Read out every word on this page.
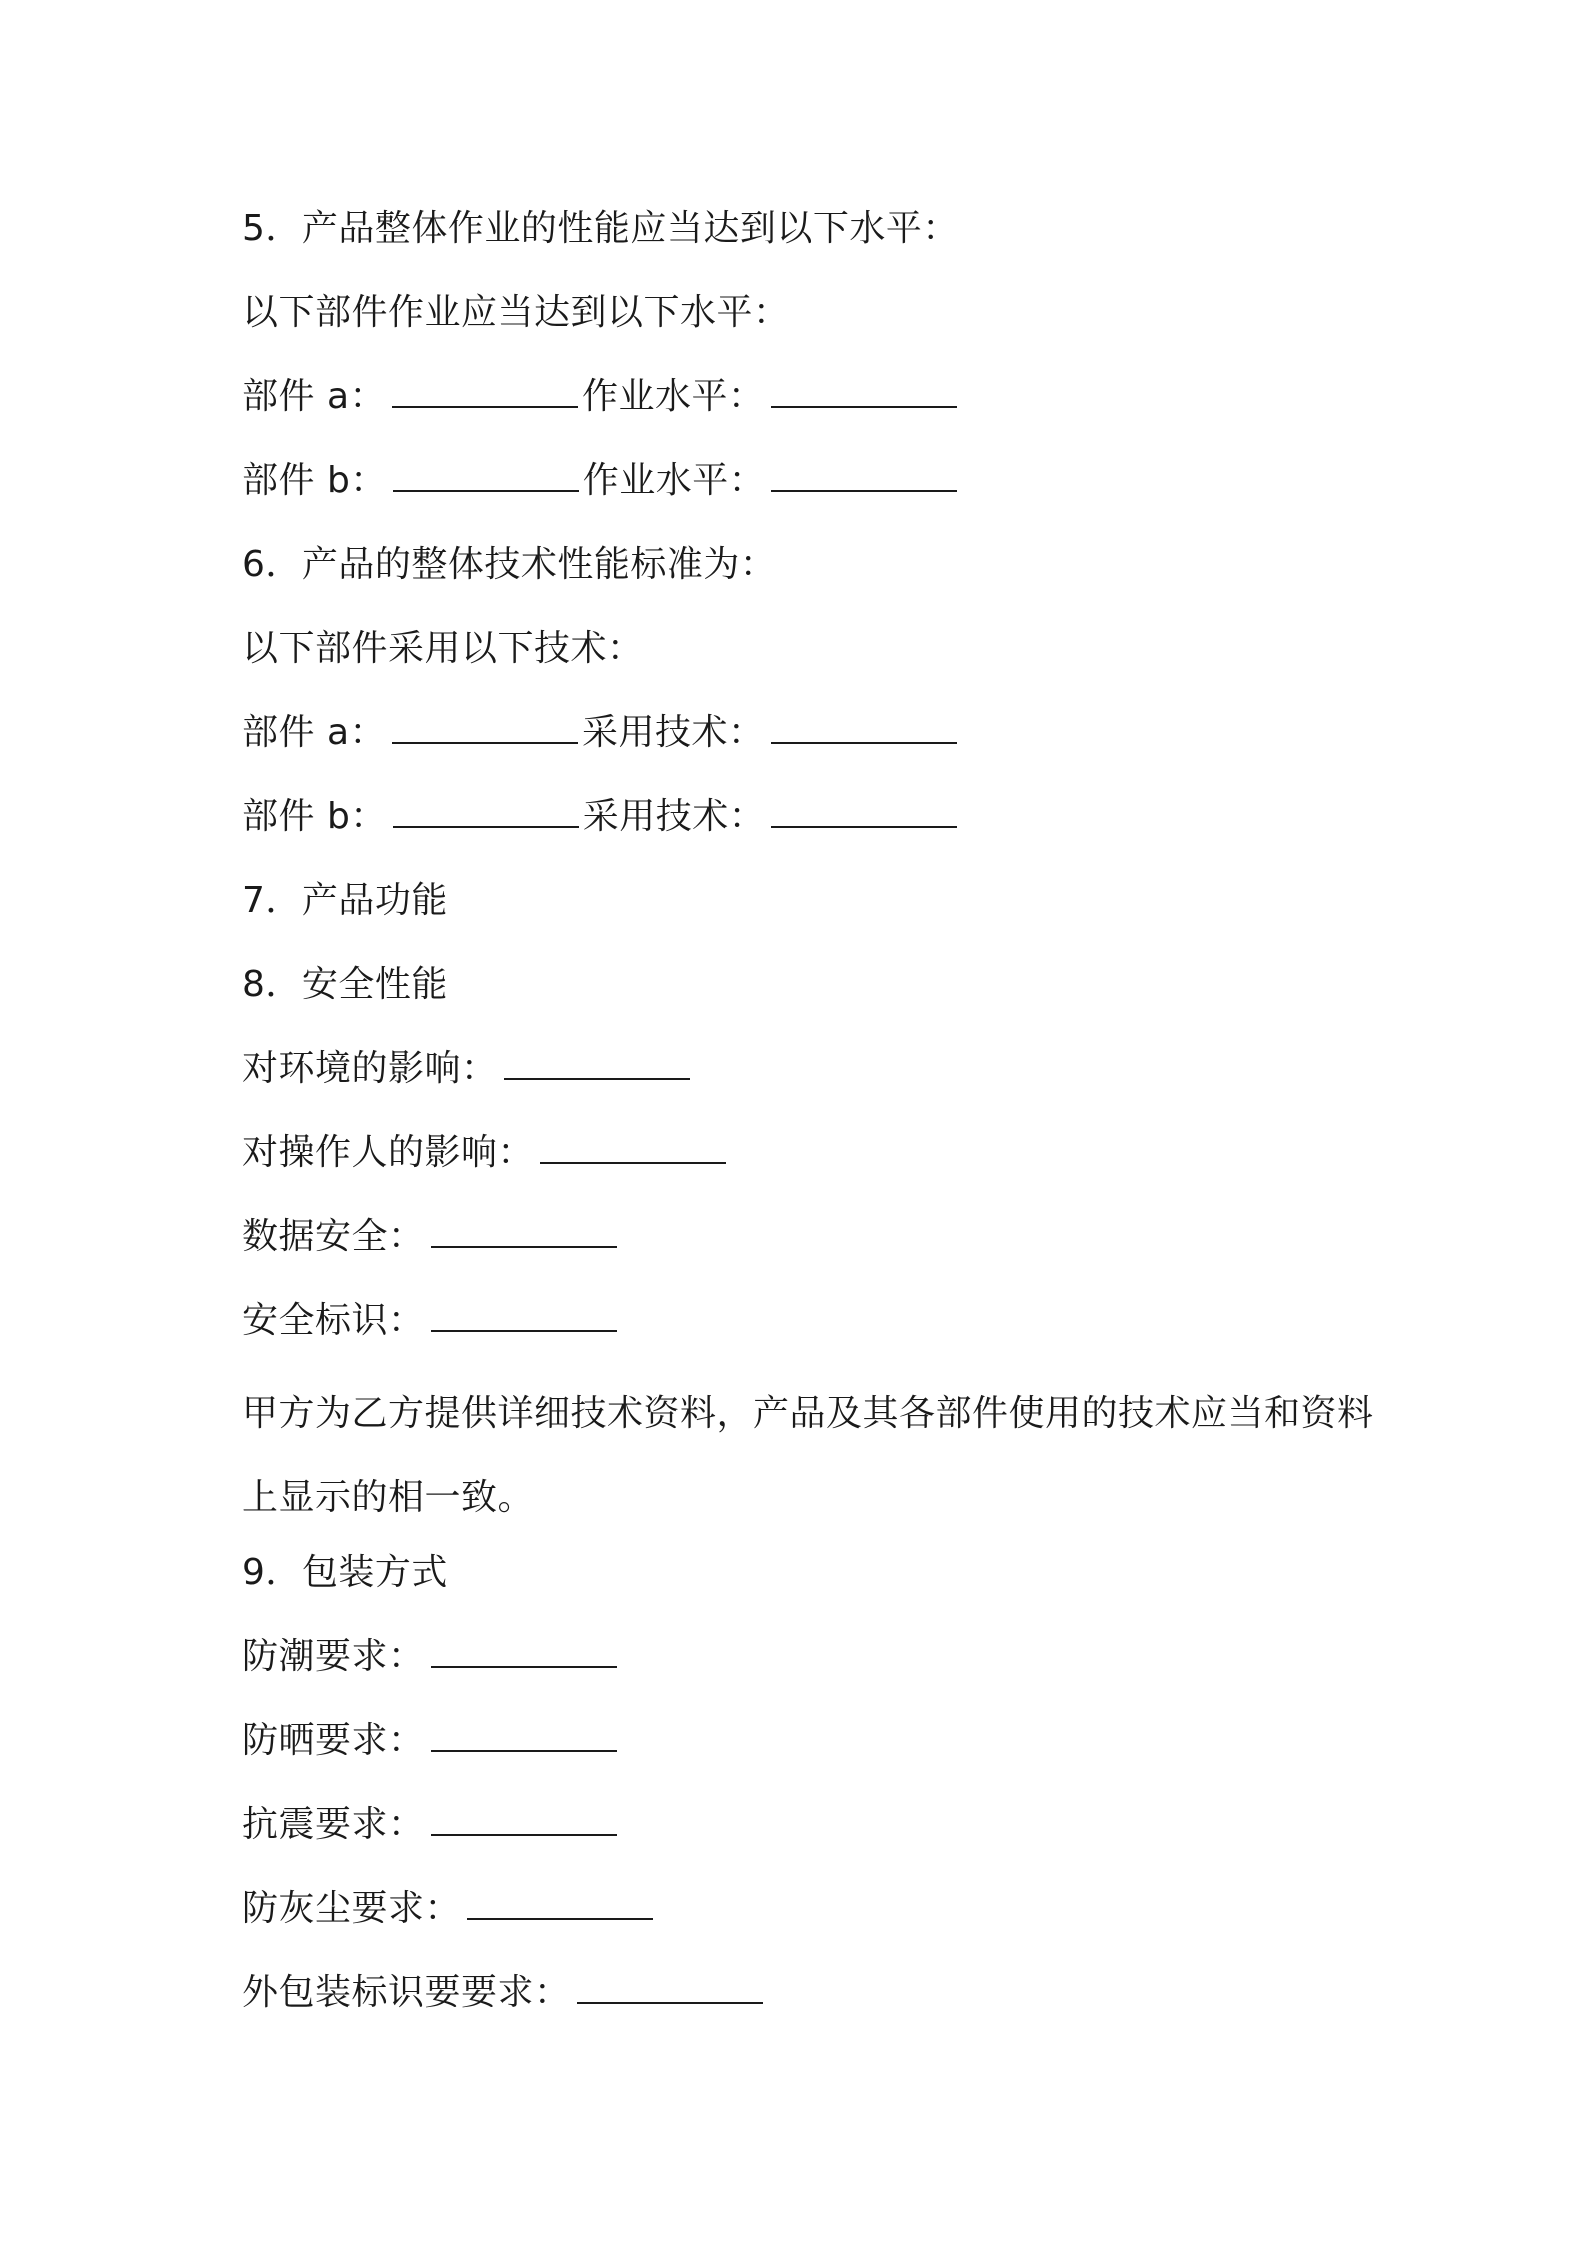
5．产品整体作业的性能应当达到以下水平：
以下部件作业应当达到以下水平：
部件 a：	作业水平：
部件 b：	作业水平：
6．产品的整体技术性能标准为：
以下部件采用以下技术：
部件 a：	采用技术：
部件 b：	采用技术：
7．产品功能
8．安全性能
对环境的影响：
对操作人的影响：
数据安全：
安全标识：
甲方为乙方提供详细技术资料，产品及其各部件使用的技术应当和资料上显示的相一致。
9．包装方式
防潮要求：
防晒要求：
抗震要求：
防灰尘要求：
外包装标识要要求：
